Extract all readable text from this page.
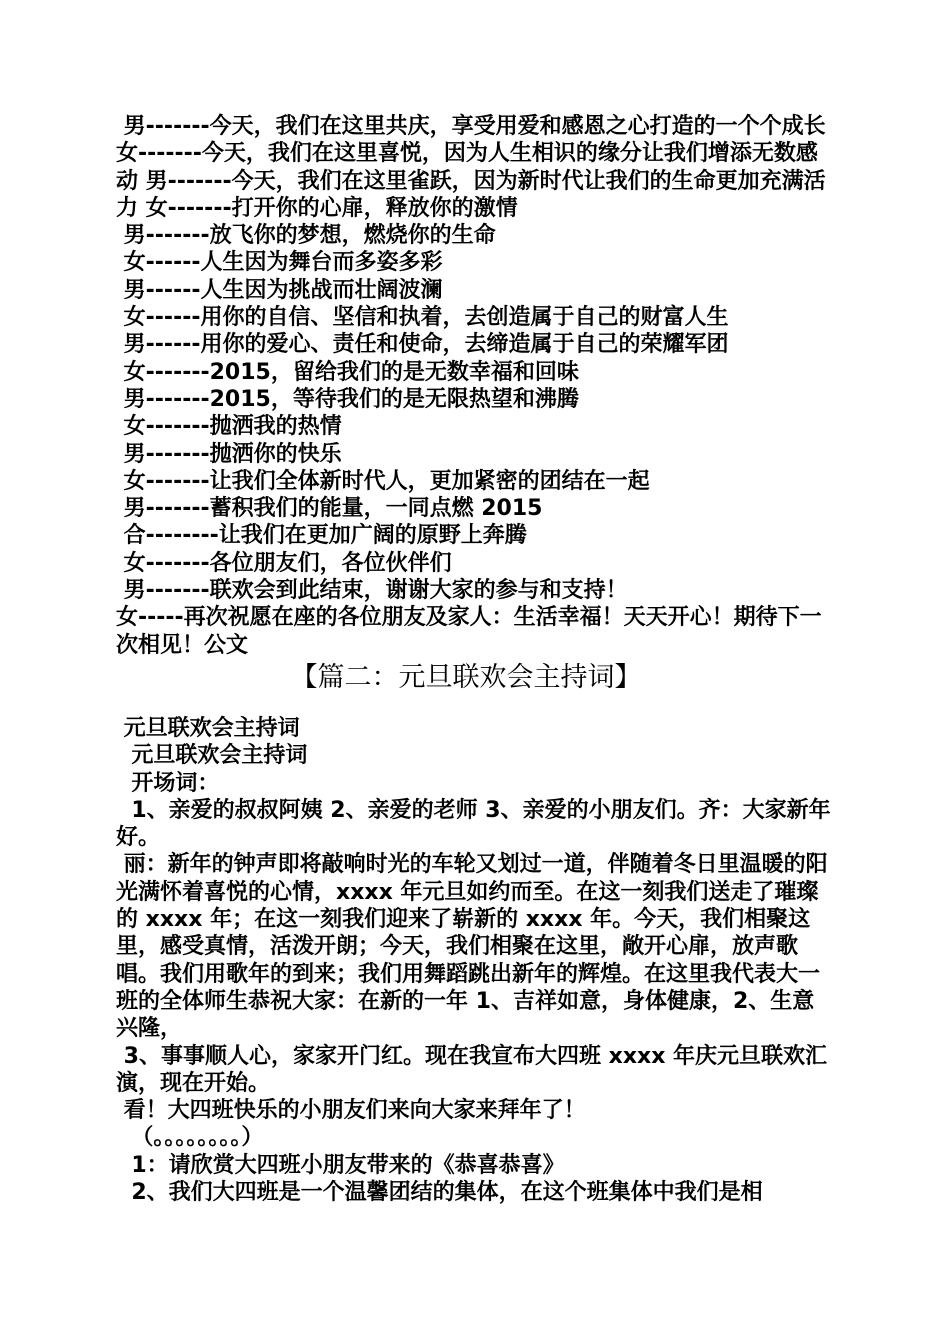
男-------今天，我们在这里共庆，享受用爱和感恩之心打造的一个个成长 女-------今天，我们在这里喜悦，因为人生相识的缘分让我们增添无数感动 男-------今天，我们在这里雀跃，因为新时代让我们的生命更加充满活力 女-------打开你的心扉，释放你的激情

男-------放飞你的梦想，燃烧你的生命

女------人生因为舞台而多姿多彩

男------人生因为挑战而壮阔波澜

女------用你的自信、坚信和执着，去创造属于自己的财富人生

男------用你的爱心、责任和使命，去缔造属于自己的荣耀军团

女-------2015，留给我们的是无数幸福和回味

男-------2015，等待我们的是无限热望和沸腾

女-------抛洒我的热情

男-------抛洒你的快乐

女-------让我们全体新时代人，更加紧密的团结在一起

男-------蓄积我们的能量，一同点燃 2015

合--------让我们在更加广阔的原野上奔腾

女-------各位朋友们，各位伙伴们

男-------联欢会到此结束，谢谢大家的参与和支持！

女-----再次祝愿在座的各位朋友及家人：生活幸福！天天开心！期待下一次相见！公文

【篇二：元旦联欢会主持词】

元旦联欢会主持词

元旦联欢会主持词

开场词：

1、亲爱的叔叔阿姨 2、亲爱的老师 3、亲爱的小朋友们。齐：大家新年好。

丽：新年的钟声即将敲响时光的车轮又划过一道，伴随着冬日里温暖的阳光满怀着喜悦的心情，xxxx 年元旦如约而至。在这一刻我们送走了璀璨的 xxxx 年；在这一刻我们迎来了崭新的 xxxx 年。今天，我们相聚这里，感受真情，活泼开朗；今天，我们相聚在这里，敞开心扉，放声歌唱。我们用歌年的到来；我们用舞蹈跳出新年的辉煌。在这里我代表大一班的全体师生恭祝大家：在新的一年 1、吉祥如意，身体健康，2、生意兴隆，

3、事事顺人心，家家开门红。现在我宣布大四班 xxxx 年庆元旦联欢汇演，现在开始。

看！大四班快乐的小朋友们来向大家来拜年了！

（。。。。。。。。）

1：请欣赏大四班小朋友带来的《恭喜恭喜》

2、我们大四班是一个温馨团结的集体，在这个班集体中我们是相
